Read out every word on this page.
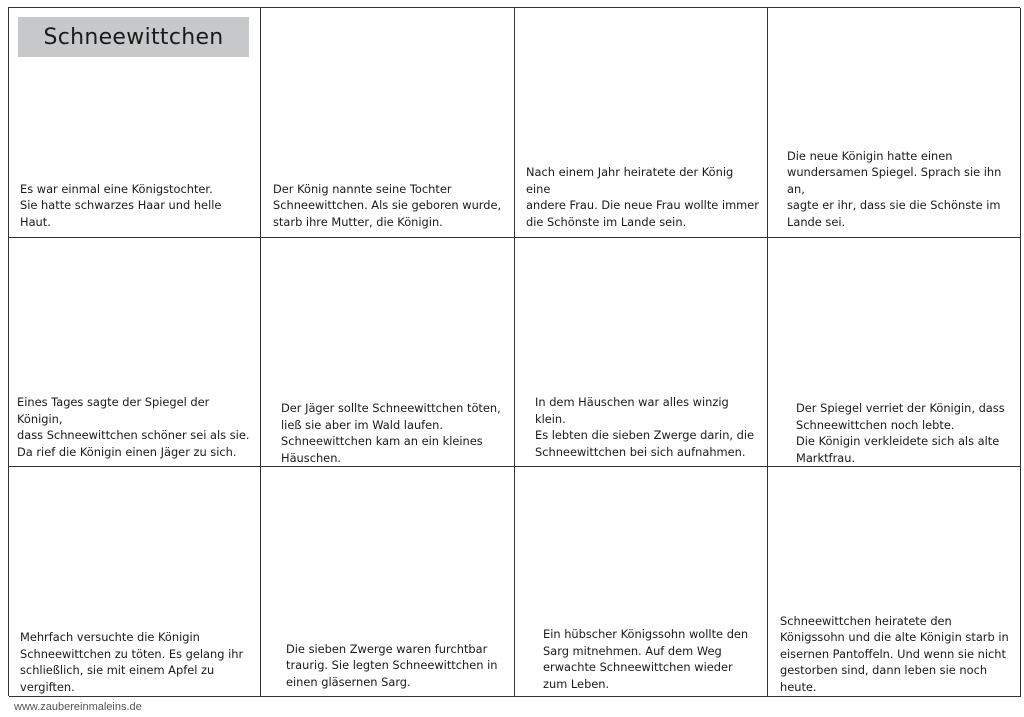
Schneewittchen
Es war einmal eine Königstochter.
Sie hatte schwarzes Haar und helle Haut.
Der König nannte seine Tochter
Schneewittchen. Als sie geboren wurde,
starb ihre Mutter, die Königin.
Nach einem Jahr heiratete der König eine
andere Frau. Die neue Frau wollte immer
die Schönste im Lande sein.
Die neue Königin hatte einen
wundersamen Spiegel. Sprach sie ihn an,
sagte er ihr, dass sie die Schönste im
Lande sei.
Eines Tages sagte der Spiegel der Königin,
dass Schneewittchen schöner sei als sie.
Da rief die Königin einen Jäger zu sich.
Der Jäger sollte Schneewittchen töten,
ließ sie aber im Wald laufen.
Schneewittchen kam an ein kleines
Häuschen.
In dem Häuschen war alles winzig klein.
Es lebten die sieben Zwerge darin, die
Schneewittchen bei sich aufnahmen.
Der Spiegel verriet der Königin, dass
Schneewittchen noch lebte.
Die Königin verkleidete sich als alte
Marktfrau.
Mehrfach versuchte die Königin
Schneewittchen zu töten. Es gelang ihr
schließlich, sie mit einem Apfel zu
vergiften.
Die sieben Zwerge waren furchtbar
traurig. Sie legten Schneewittchen in
einen gläsernen Sarg.
Ein hübscher Königssohn wollte den
Sarg mitnehmen. Auf dem Weg
erwachte Schneewittchen wieder
zum Leben.
Schneewittchen heiratete den
Königssohn und die alte Königin starb in
eisernen Pantoffeln. Und wenn sie nicht
gestorben sind, dann leben sie noch heute.
www.zaubereinmaleins.de
